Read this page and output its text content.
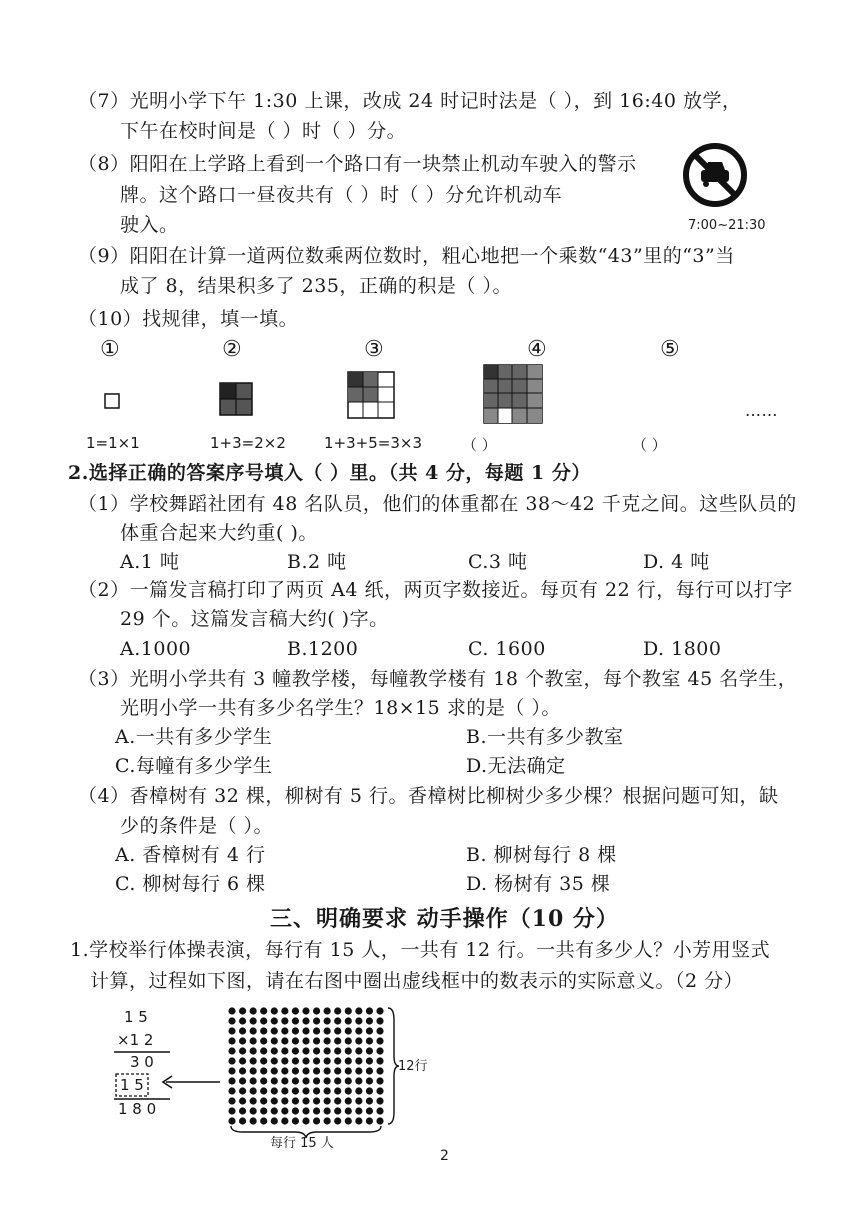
（7）光明小学下午 1:30 上课，改成 24 时记时法是（ ），到 16:40 放学，
下午在校时间是（ ）时（ ）分。
（8）阳阳在上学路上看到一个路口有一块禁止机动车驶入的警示
牌。这个路口一昼夜共有（ ）时（ ）分允许机动车
驶入。	7:00~21:30
（9）阳阳在计算一道两位数乘两位数时，粗心地把一个乘数“43”里的“3”当
成了 8，结果积多了 235，正确的积是（ ）。
（10）找规律，填一填。
①	②	③	④	⑤
……
1=1×1	1+3=2×2	1+3+5=3×3	（ ）	（ ）
2.选择正确的答案序号填入（ ）里。（共 4 分，每题 1 分）
（1）学校舞蹈社团有 48 名队员，他们的体重都在 38～42 千克之间。这些队员的
体重合起来大约重( )。
A.1 吨	B.2 吨	C.3 吨	D. 4 吨
（2）一篇发言稿打印了两页 A4 纸，两页字数接近。每页有 22 行，每行可以打字
29 个。这篇发言稿大约( )字。
A.1000	B.1200	C. 1600	D. 1800
（3）光明小学共有 3 幢教学楼，每幢教学楼有 18 个教室，每个教室 45 名学生，
光明小学一共有多少名学生？18×15 求的是（ ）。
A.一共有多少学生	B.一共有多少教室
C.每幢有多少学生	D.无法确定
（4）香樟树有 32 棵，柳树有 5 行。香樟树比柳树少多少棵？根据问题可知，缺
少的条件是（ ）。
A. 香樟树有 4 行	B. 柳树每行 8 棵
C. 柳树每行 6 棵	D. 杨树有 35 棵
三、明确要求 动手操作（10 分）
1.学校举行体操表演，每行有 15 人，一共有 12 行。一共有多少人？小芳用竖式
计算，过程如下图，请在右图中圈出虚线框中的数表示的实际意义。（2 分）
1 5
×1 2
3 0
1 5
1 8 0
12行
每行 15 人
2
